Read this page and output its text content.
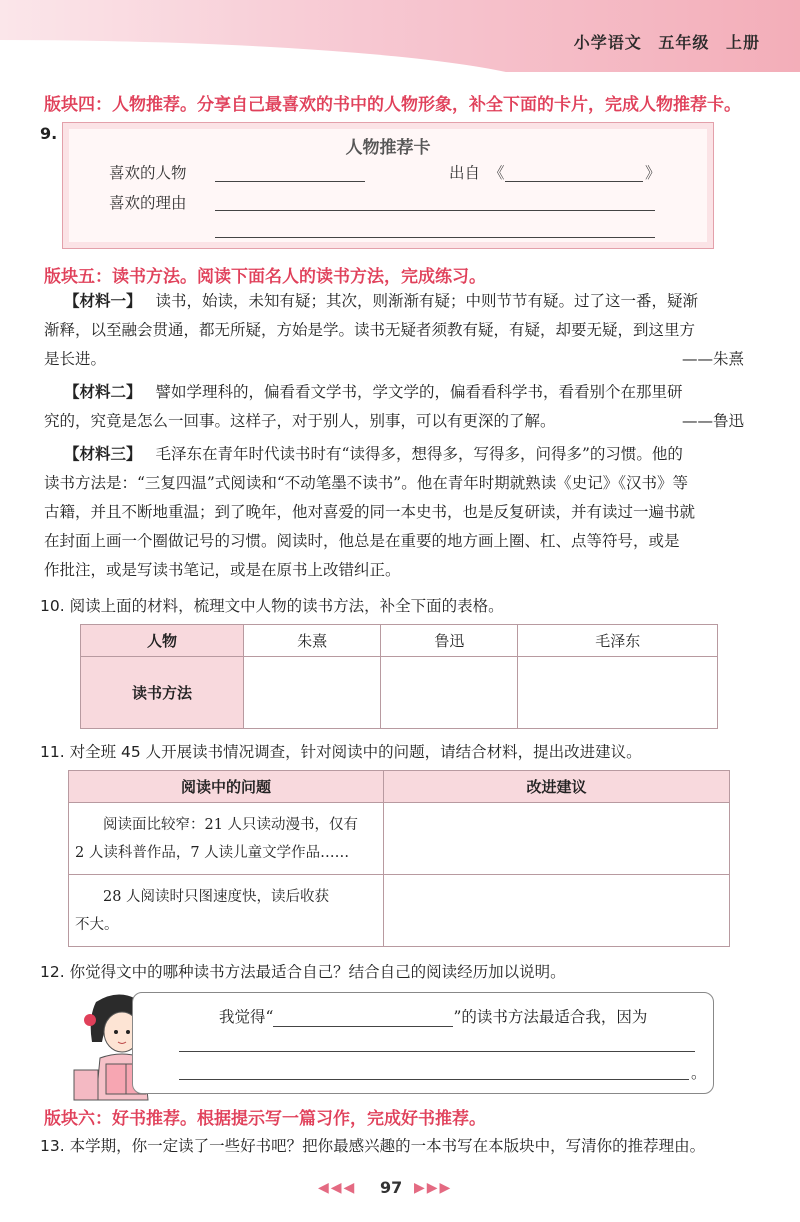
小学语文 五年级 上册
版块四：人物推荐。分享自己最喜欢的书中的人物形象，补全下面的卡片，完成人物推荐卡。
9.
人物推荐卡
喜欢的人物	出自 《	》
喜欢的理由
版块五：读书方法。阅读下面名人的读书方法，完成练习。
【材料一】 读书，始读，未知有疑；其次，则渐渐有疑；中则节节有疑。过了这一番，疑渐
渐释，以至融会贯通，都无所疑，方始是学。读书无疑者须教有疑，有疑，却要无疑，到这里方
是长进。	——朱熹
【材料二】 譬如学理科的，偏看看文学书，学文学的，偏看看科学书，看看别个在那里研
究的，究竟是怎么一回事。这样子，对于别人，别事，可以有更深的了解。	——鲁迅
【材料三】 毛泽东在青年时代读书时有“读得多，想得多，写得多，问得多”的习惯。他的
读书方法是：“三复四温”式阅读和“不动笔墨不读书”。他在青年时期就熟读《史记》《汉书》等
古籍，并且不断地重温；到了晚年，他对喜爱的同一本史书，也是反复研读，并有读过一遍书就
在封面上画一个圈做记号的习惯。阅读时，他总是在重要的地方画上圈、杠、点等符号，或是
作批注，或是写读书笔记，或是在原书上改错纠正。
10. 阅读上面的材料，梳理文中人物的读书方法，补全下面的表格。
人物	朱熹	鲁迅	毛泽东
读书方法			
11. 对全班 45 人开展读书情况调查，针对阅读中的问题，请结合材料，提出改进建议。
阅读中的问题	改进建议

阅读面比较窄：21 人只读动漫书，仅有
2 人读科普作品，7 人读儿童文学作品……	

28 人阅读时只图速度快，读后收获
不大。	

12. 你觉得文中的哪种读书方法最适合自己？结合自己的阅读经历加以说明。
我觉得“	”的读书方法最适合我，因为
。
版块六：好书推荐。根据提示写一篇习作，完成好书推荐。
13. 本学期，你一定读了一些好书吧？把你最感兴趣的一本书写在本版块中，写清你的推荐理由。
◀◀◀ 97 ▶▶▶
